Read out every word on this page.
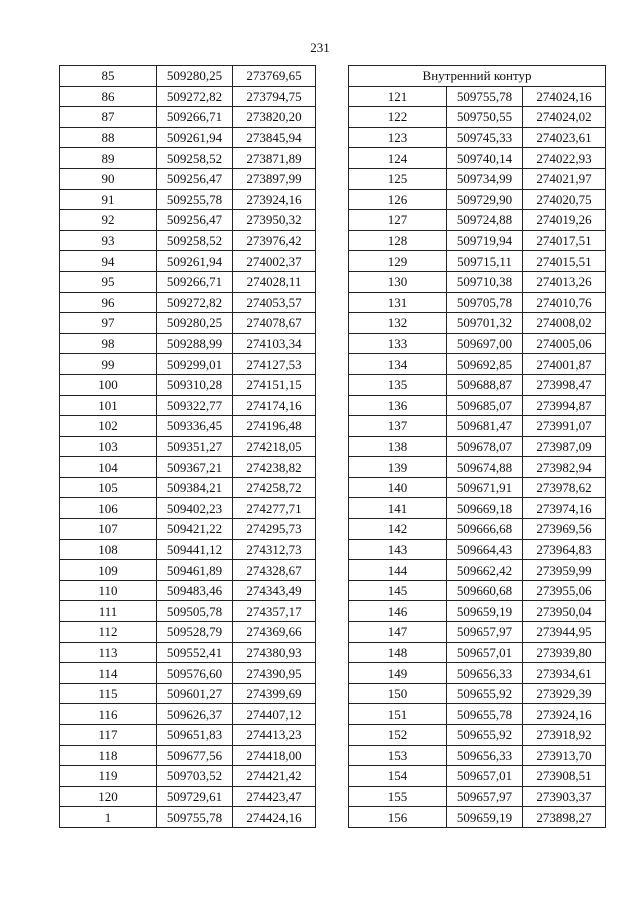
231
85	509280,25	273769,65
86	509272,82	273794,75
87	509266,71	273820,20
88	509261,94	273845,94
89	509258,52	273871,89
90	509256,47	273897,99
91	509255,78	273924,16
92	509256,47	273950,32
93	509258,52	273976,42
94	509261,94	274002,37
95	509266,71	274028,11
96	509272,82	274053,57
97	509280,25	274078,67
98	509288,99	274103,34
99	509299,01	274127,53
100	509310,28	274151,15
101	509322,77	274174,16
102	509336,45	274196,48
103	509351,27	274218,05
104	509367,21	274238,82
105	509384,21	274258,72
106	509402,23	274277,71
107	509421,22	274295,73
108	509441,12	274312,73
109	509461,89	274328,67
110	509483,46	274343,49
111	509505,78	274357,17
112	509528,79	274369,66
113	509552,41	274380,93
114	509576,60	274390,95
115	509601,27	274399,69
116	509626,37	274407,12
117	509651,83	274413,23
118	509677,56	274418,00
119	509703,52	274421,42
120	509729,61	274423,47
1	509755,78	274424,16
Внутренний контур		
121	509755,78	274024,16
122	509750,55	274024,02
123	509745,33	274023,61
124	509740,14	274022,93
125	509734,99	274021,97
126	509729,90	274020,75
127	509724,88	274019,26
128	509719,94	274017,51
129	509715,11	274015,51
130	509710,38	274013,26
131	509705,78	274010,76
132	509701,32	274008,02
133	509697,00	274005,06
134	509692,85	274001,87
135	509688,87	273998,47
136	509685,07	273994,87
137	509681,47	273991,07
138	509678,07	273987,09
139	509674,88	273982,94
140	509671,91	273978,62
141	509669,18	273974,16
142	509666,68	273969,56
143	509664,43	273964,83
144	509662,42	273959,99
145	509660,68	273955,06
146	509659,19	273950,04
147	509657,97	273944,95
148	509657,01	273939,80
149	509656,33	273934,61
150	509655,92	273929,39
151	509655,78	273924,16
152	509655,92	273918,92
153	509656,33	273913,70
154	509657,01	273908,51
155	509657,97	273903,37
156	509659,19	273898,27
